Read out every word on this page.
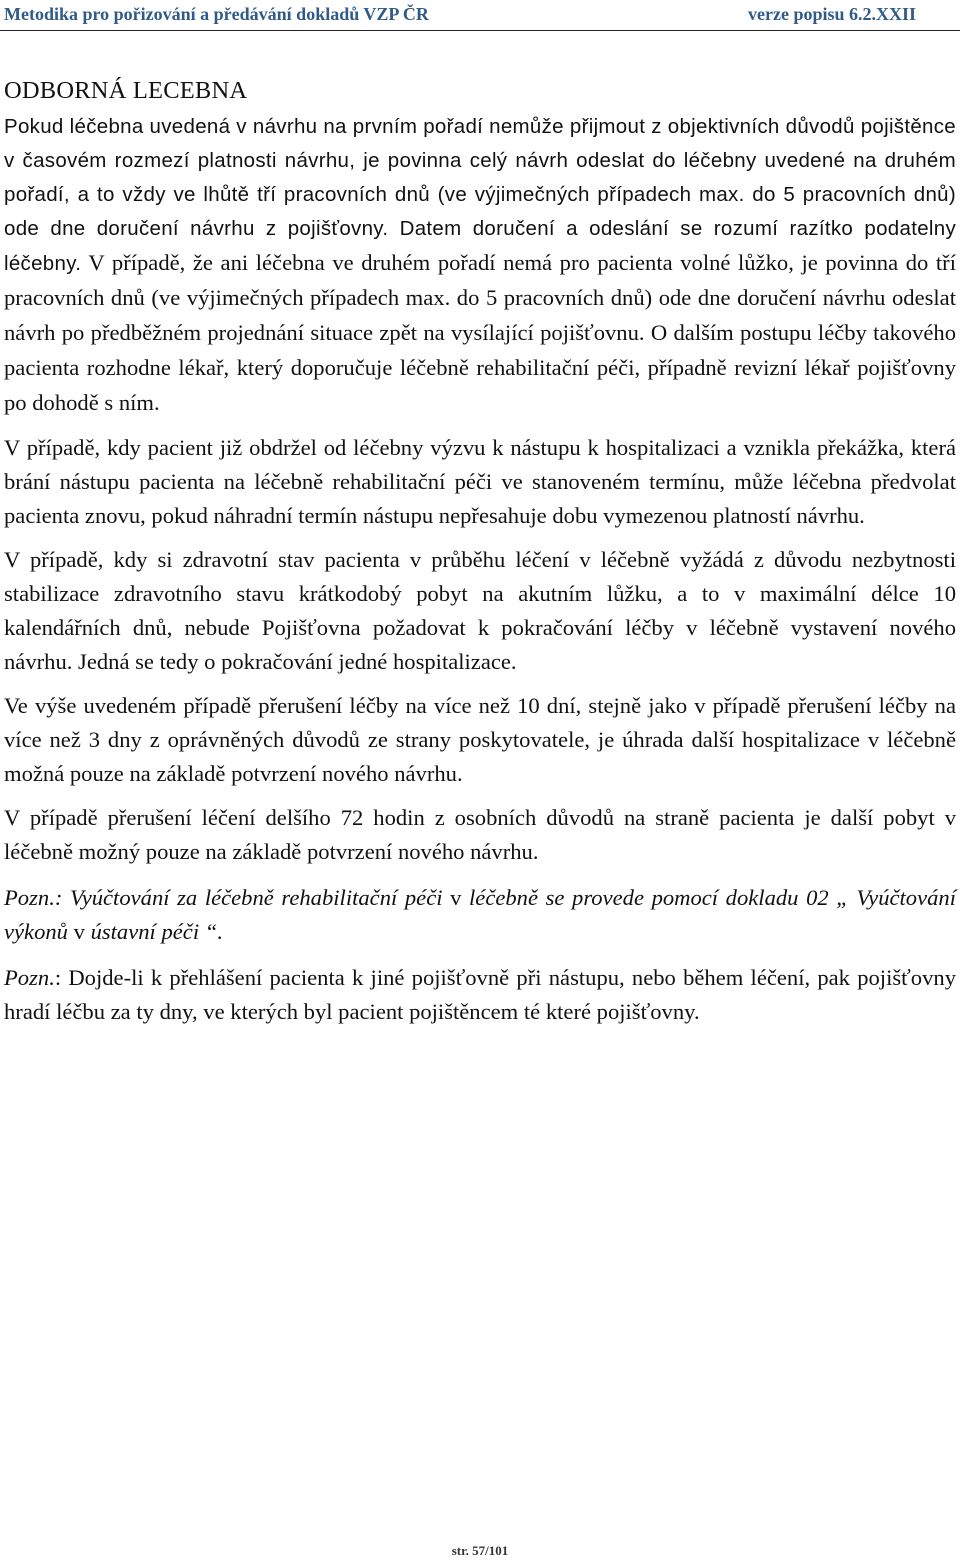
Metodika pro pořizování a předávání dokladů VZP ČR	verze popisu 6.2.XXII
ODBORNÁ LECEBNA

Pokud léčebna uvedená v návrhu na prvním pořadí nemůže přijmout z objektivních důvodů pojištěnce v časovém rozmezí platnosti návrhu, je povinna celý návrh odeslat do léčebny uvedené na druhém pořadí, a to vždy ve lhůtě tří pracovních dnů (ve výjimečných případech max. do 5 pracovních dnů) ode dne doručení návrhu z pojišťovny. Datem doručení a odeslání se rozumí razítko podatelny léčebny. V případě, že ani léčebna ve druhém pořadí nemá pro pacienta volné lůžko, je povinna do tří pracovních dnů (ve výjimečných případech max. do 5 pracovních dnů) ode dne doručení návrhu odeslat návrh po předběžném projednání situace zpět na vysílající pojišťovnu. O dalším postupu léčby takového pacienta rozhodne lékař, který doporučuje léčebně rehabilitační péči, případně revizní lékař pojišťovny po dohodě s ním.

V případě, kdy pacient již obdržel od léčebny výzvu k nástupu k hospitalizaci a vznikla překážka, která brání nástupu pacienta na léčebně rehabilitační péči ve stanoveném termínu, může léčebna předvolat pacienta znovu, pokud náhradní termín nástupu nepřesahuje dobu vymezenou platností návrhu.

V případě, kdy si zdravotní stav pacienta v průběhu léčení v léčebně vyžádá z důvodu nezbytnosti stabilizace zdravotního stavu krátkodobý pobyt na akutním lůžku, a to v maximální délce 10 kalendářních dnů, nebude Pojišťovna požadovat k pokračování léčby v léčebně vystavení nového návrhu. Jedná se tedy o pokračování jedné hospitalizace.

Ve výše uvedeném případě přerušení léčby na více než 10 dní, stejně jako v případě přerušení léčby na více než 3 dny z oprávněných důvodů ze strany poskytovatele, je úhrada další hospitalizace v léčebně možná pouze na základě potvrzení nového návrhu.

V případě přerušení léčení delšího 72 hodin z osobních důvodů na straně pacienta je další pobyt v léčebně možný pouze na základě potvrzení nového návrhu.

Pozn.: Vyúčtování za léčebně rehabilitační péči v léčebně se provede pomocí dokladu 02 „ Vyúčtování výkonů v ústavní péči “.

Pozn.: Dojde-li k přehlášení pacienta k jiné pojišťovně při nástupu, nebo během léčení, pak pojišťovny hradí léčbu za ty dny, ve kterých byl pacient pojištěncem té které pojišťovny.

str. 57/101
